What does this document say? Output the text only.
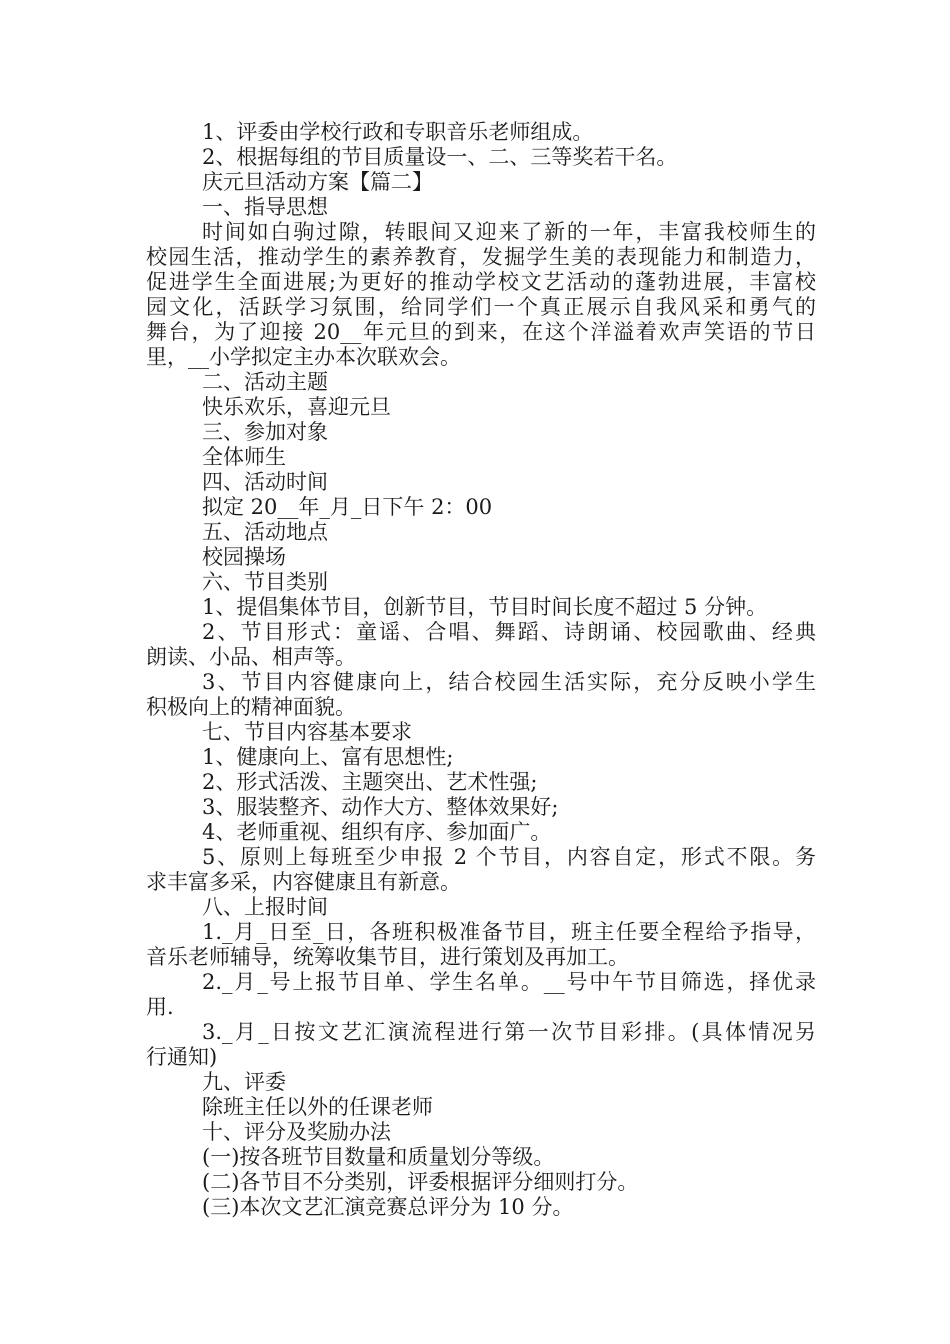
1、评委由学校行政和专职音乐老师组成。
2、根据每组的节目质量设一、二、三等奖若干名。
庆元旦活动方案【篇二】
一、指导思想
时间如白驹过隙，转眼间又迎来了新的一年，丰富我校师生的
校园生活，推动学生的素养教育，发掘学生美的表现能力和制造力，
促进学生全面进展;为更好的推动学校文艺活动的蓬勃进展，丰富校
园文化，活跃学习氛围，给同学们一个真正展示自我风采和勇气的
舞台，为了迎接 20__年元旦的到来，在这个洋溢着欢声笑语的节日
里，__小学拟定主办本次联欢会。
二、活动主题
快乐欢乐，喜迎元旦
三、参加对象
全体师生
四、活动时间
拟定 20__年_月_日下午 2：00
五、活动地点
校园操场
六、节目类别
1、提倡集体节目，创新节目，节目时间长度不超过 5 分钟。
2、节目形式：童谣、合唱、舞蹈、诗朗诵、校园歌曲、经典
朗读、小品、相声等。
3、节目内容健康向上，结合校园生活实际，充分反映小学生
积极向上的精神面貌。
七、节目内容基本要求
1、健康向上、富有思想性;
2、形式活泼、主题突出、艺术性强;
3、服装整齐、动作大方、整体效果好;
4、老师重视、组织有序、参加面广。
5、原则上每班至少申报 2 个节目，内容自定，形式不限。务
求丰富多采，内容健康且有新意。
八、上报时间
1._月_日至_日，各班积极准备节目，班主任要全程给予指导，
音乐老师辅导，统筹收集节目，进行策划及再加工。
2._月_号上报节目单、学生名单。__号中午节目筛选，择优录
用.
3._月_日按文艺汇演流程进行第一次节目彩排。(具体情况另
行通知)
九、评委
除班主任以外的任课老师
十、评分及奖励办法
(一)按各班节目数量和质量划分等级。
(二)各节目不分类别，评委根据评分细则打分。
(三)本次文艺汇演竞赛总评分为 10 分。
